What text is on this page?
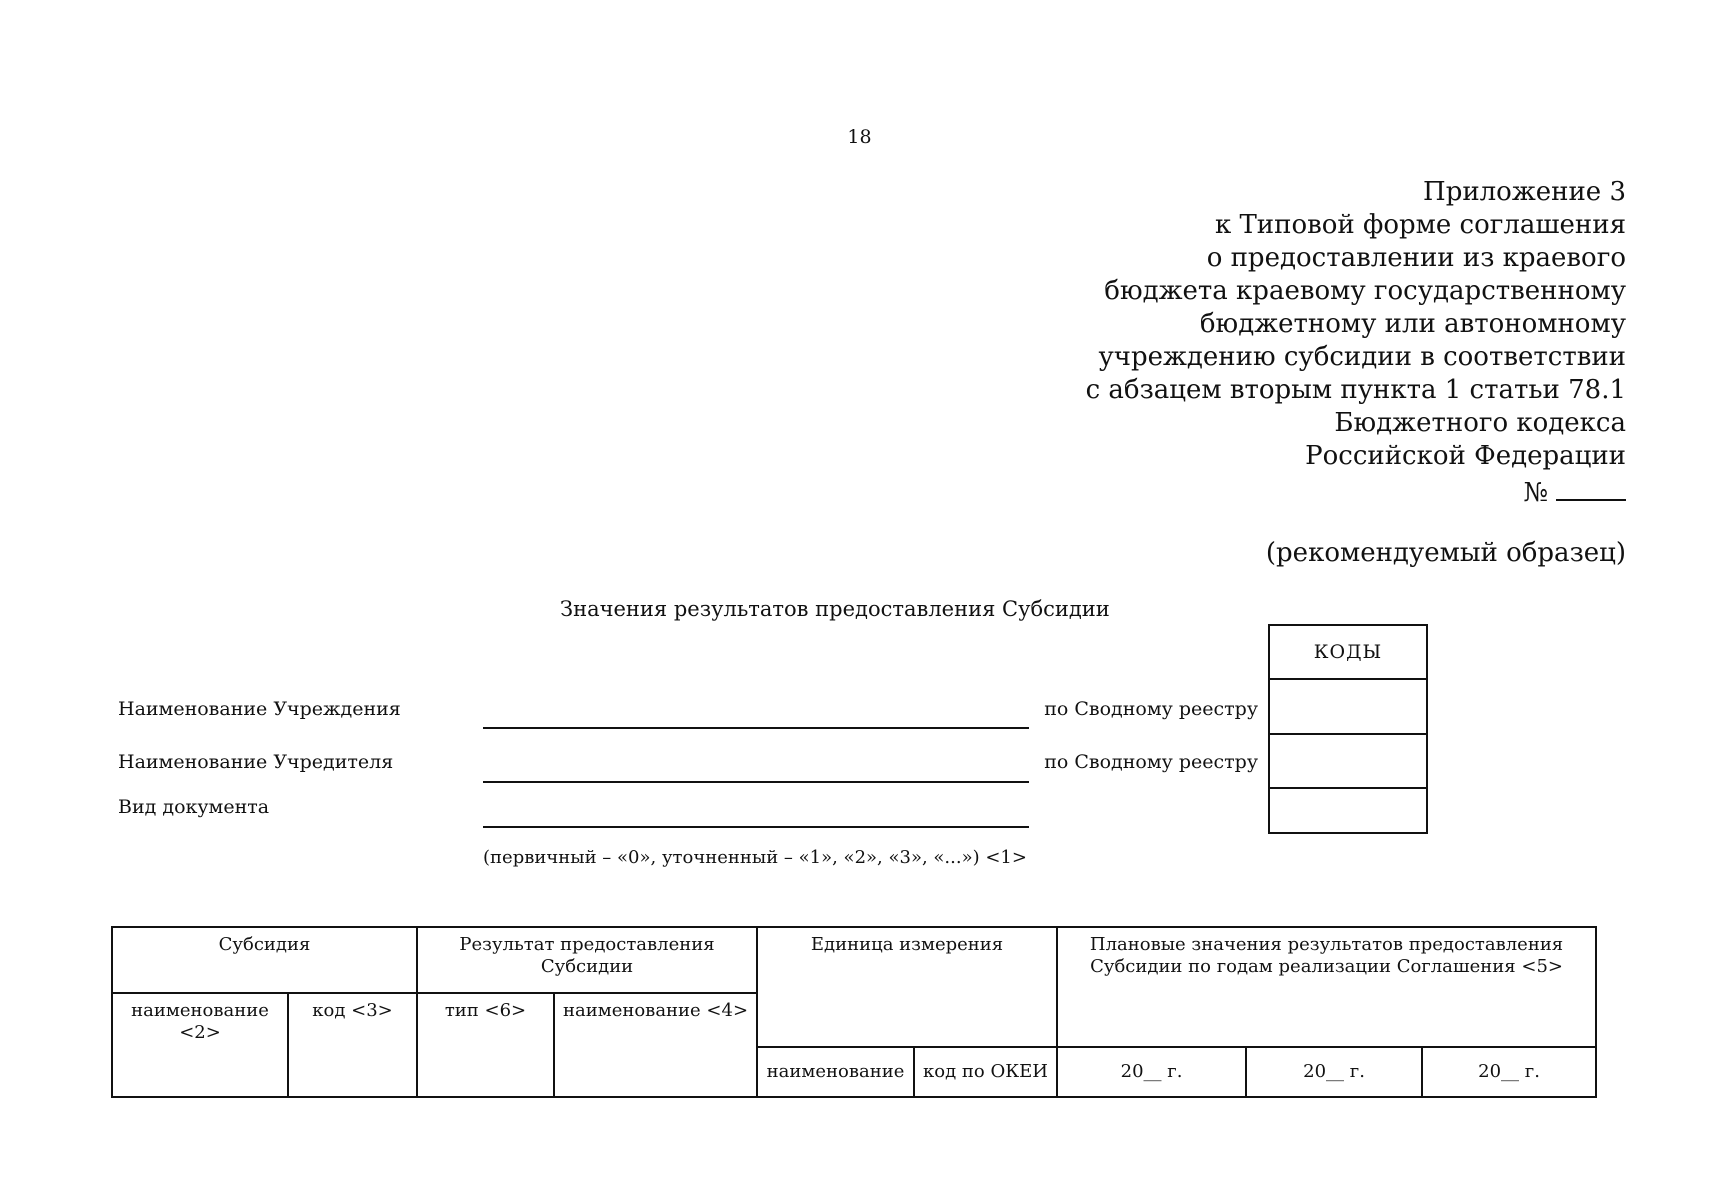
18
Приложение 3
к Типовой форме соглашения
о предоставлении из краевого
бюджета краевому государственному
бюджетному или автономному
учреждению субсидии в соответствии
с абзацем вторым пункта 1 статьи 78.1
Бюджетного кодекса
Российской Федерации
№
(рекомендуемый образец)
Значения результатов предоставления Субсидии
Наименование Учреждения	по Сводному реестру
Наименование Учредителя	по Сводному реестру
Вид документа
(первичный – «0», уточненный – «1», «2», «3», «...») <1>
КОДЫ
Субсидия		Результат предоставления Субсидии		Единица измерения		Плановые значения результатов предоставления Субсидии по годам реализации Соглашения <5>		
наименование <2>	код <3>	тип <6>	наименование <4>					
				наименование	код по ОКЕИ	20__ г.	20__ г.	20__ г.
